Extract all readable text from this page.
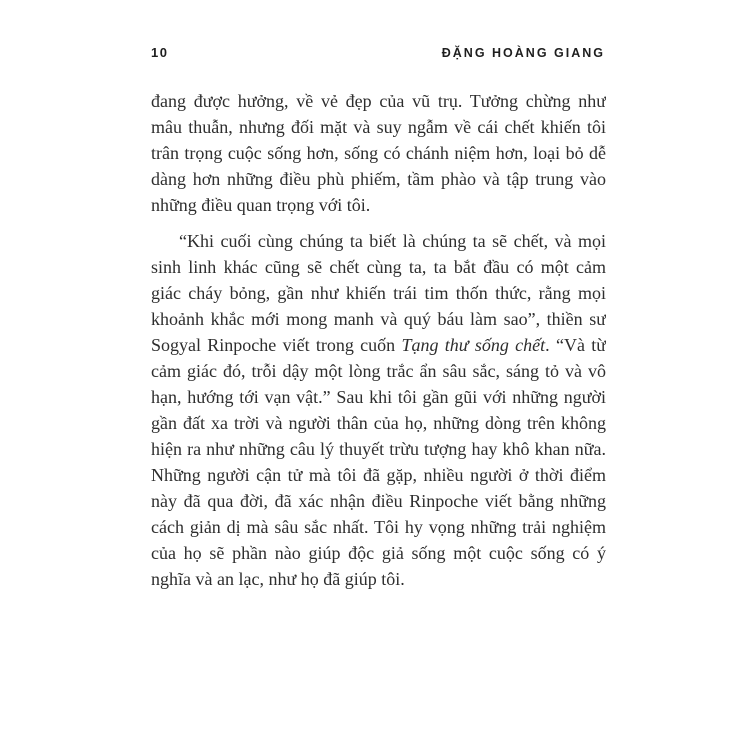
10	ĐẶNG HOÀNG GIANG
đang được hưởng, về vẻ đẹp của vũ trụ. Tưởng chừng như
mâu thuẫn, nhưng đối mặt và suy ngẫm về cái chết khiến tôi
trân trọng cuộc sống hơn, sống có chánh niệm hơn, loại bỏ dễ
dàng hơn những điều phù phiếm, tầm phào và tập trung vào
những điều quan trọng với tôi.
“Khi cuối cùng chúng ta biết là chúng ta sẽ chết, và mọi
sinh linh khác cũng sẽ chết cùng ta, ta bắt đầu có một cảm
giác cháy bỏng, gần như khiến trái tim thốn thức, rằng mọi
khoảnh khắc mới mong manh và quý báu làm sao”, thiền sư
Sogyal Rinpoche viết trong cuốn Tạng thư sống chết. “Và từ
cảm giác đó, trỗi dậy một lòng trắc ẩn sâu sắc, sáng tỏ và vô
hạn, hướng tới vạn vật.” Sau khi tôi gần gũi với những người
gần đất xa trời và người thân của họ, những dòng trên không
hiện ra như những câu lý thuyết trừu tượng hay khô khan nữa.
Những người cận tử mà tôi đã gặp, nhiều người ở thời điểm
này đã qua đời, đã xác nhận điều Rinpoche viết bằng những
cách giản dị mà sâu sắc nhất. Tôi hy vọng những trải nghiệm
của họ sẽ phần nào giúp độc giả sống một cuộc sống có ý
nghĩa và an lạc, như họ đã giúp tôi.
